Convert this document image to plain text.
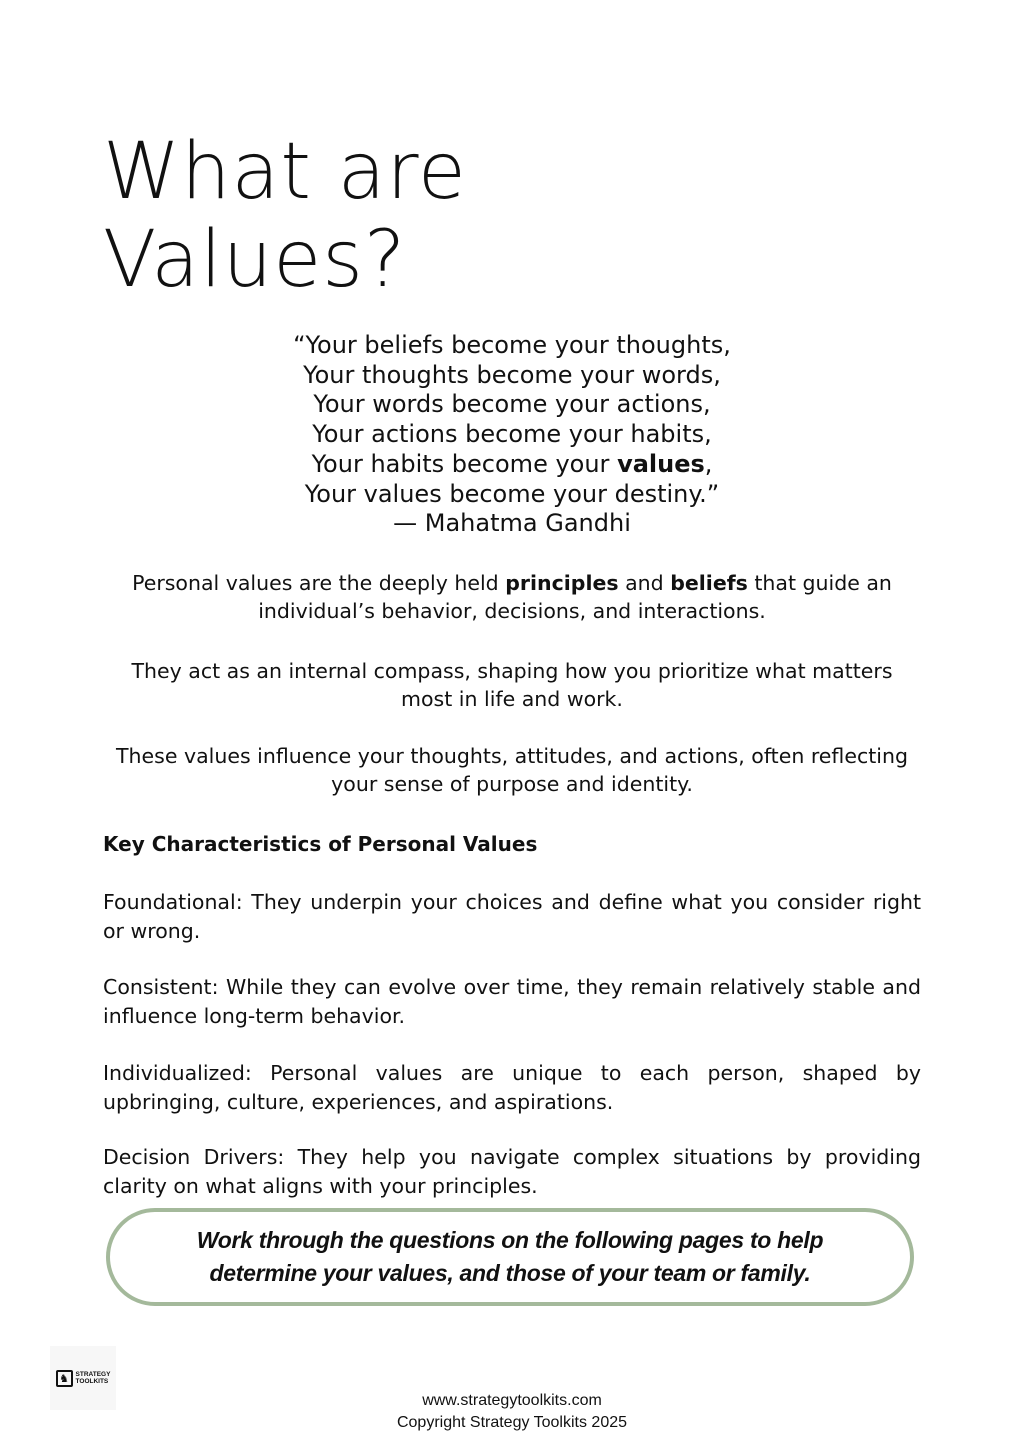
What are
Values?
“Your beliefs become your thoughts,
Your thoughts become your words,
Your words become your actions,
Your actions become your habits,
Your habits become your values,
Your values become your destiny.”
— Mahatma Gandhi

Personal values are the deeply held principles and beliefs that guide an individual’s behavior, decisions, and interactions.

They act as an internal compass, shaping how you prioritize what matters most in life and work.

These values influence your thoughts, attitudes, and actions, often reflecting your sense of purpose and identity.

Key Characteristics of Personal Values

Foundational: They underpin your choices and define what you consider right or wrong.

Consistent: While they can evolve over time, they remain relatively stable and influence long-term behavior.

Individualized: Personal values are unique to each person, shaped by upbringing, culture, experiences, and aspirations.

Decision Drivers: They help you navigate complex situations by providing clarity on what aligns with your principles.

Work through the questions on the following pages to help
determine your values, and those of your team or family.

♞	STRATEGY
TOOLKITS
www.strategytoolkits.com
Copyright Strategy Toolkits 2025
